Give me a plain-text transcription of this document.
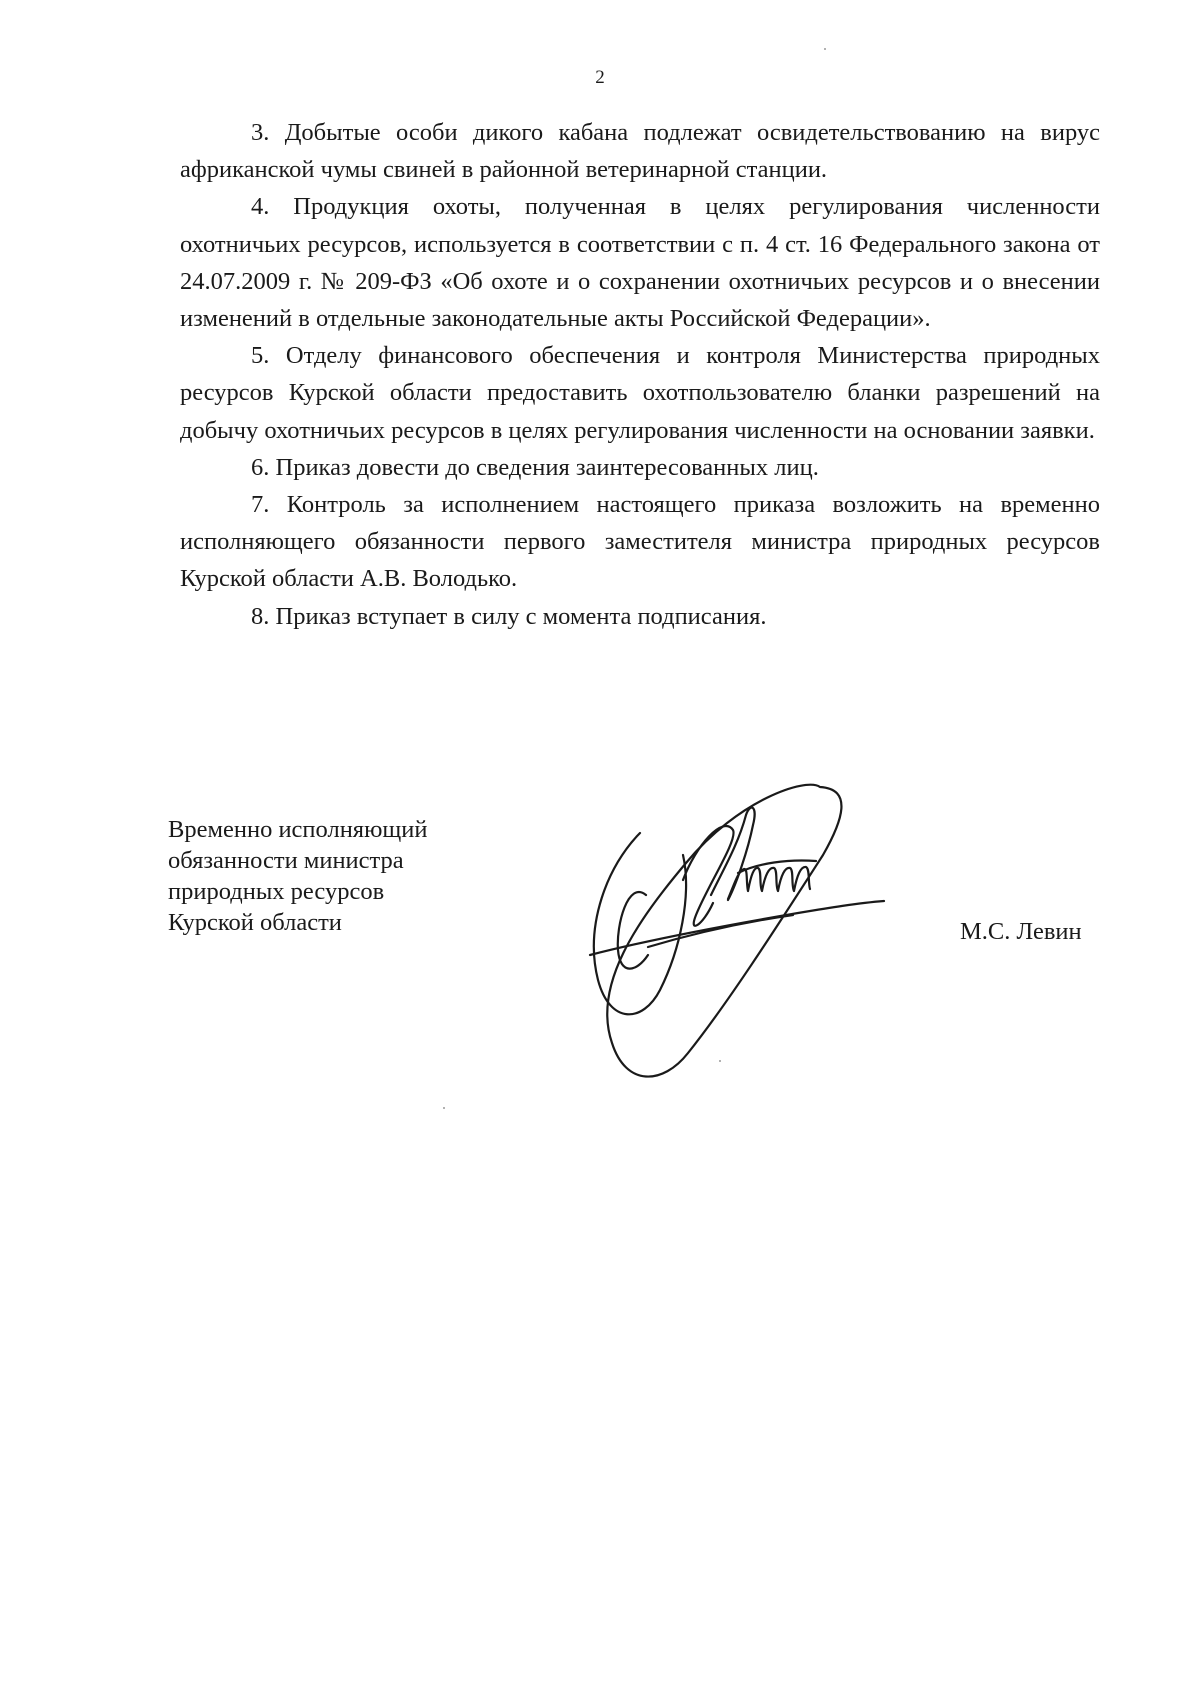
2

3. Добытые особи дикого кабана подлежат освидетельствованию на вирус африканской чумы свиней в районной ветеринарной станции.

4. Продукция охоты, полученная в целях регулирования численности охотничьих ресурсов, используется в соответствии с п. 4 ст. 16 Федерального закона от 24.07.2009 г. № 209-ФЗ «Об охоте и о сохранении охотничьих ресурсов и о внесении изменений в отдельные законодательные акты Российской Федерации».

5. Отделу финансового обеспечения и контроля Министерства природных ресурсов Курской области предоставить охотпользователю бланки разрешений на добычу охотничьих ресурсов в целях регулирования численности на основании заявки.

6. Приказ довести до сведения заинтересованных лиц.

7. Контроль за исполнением настоящего приказа возложить на временно исполняющего обязанности первого заместителя министра природных ресурсов Курской области А.В. Володько.

8. Приказ вступает в силу с момента подписания.

Временно исполняющий
обязанности министра
природных ресурсов
Курской области	М.С. Левин
